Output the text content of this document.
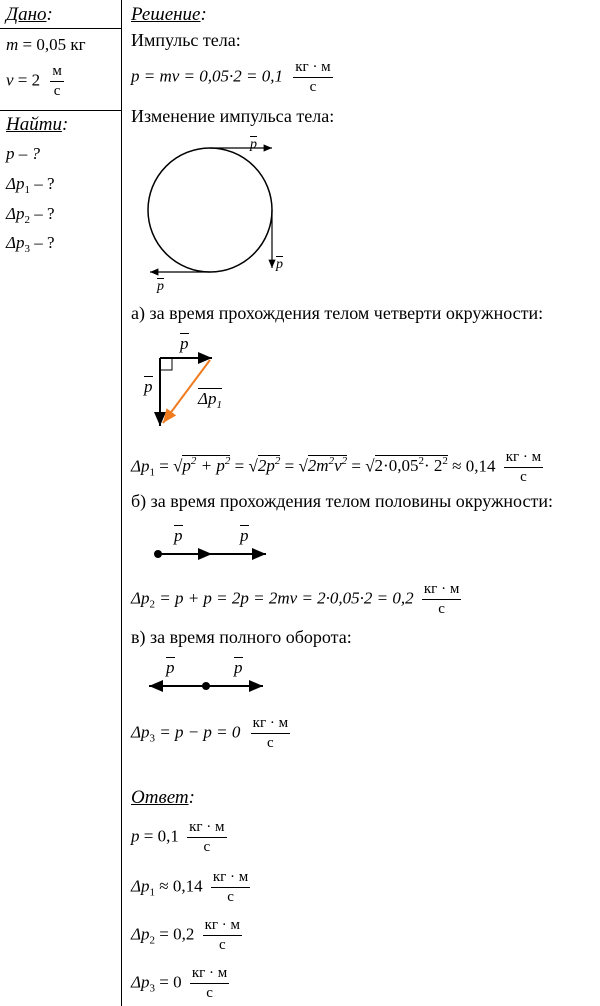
Дано:
m = 0,05 кг
$v = 2 \frac{м}{с}$
Найти:
p – ?
$\Delta p_1$ – ?
$\Delta p_2$ – ?
$\Delta p_3$ – ?
Решение:
Импульс тела:
p = mv = $0,05\cdot 2 = 0,1 \frac{кг \cdot м}{с}$
Изменение импульса тела:
p
p
p
а) за время прохождения телом четверти окружности:
p
p
$\Delta p_1$
$\Delta p_1 = √p^2 + p^2 = √2p^2 = √2m^2v^2 = √2\cdot 0,05^2\cdot 2^2 \approx 0,14 \frac{кг \cdot м}{с}$
б) за время прохождения телом половины окружности:
p	p
$\Delta p_2 = p + p = 2p = 2mv = 2\cdot 0,05\cdot 2 = 0,2 \frac{кг \cdot м}{с}$
в) за время полного оборота:
p	p
$\Delta p_3 = p - p = 0 \frac{кг \cdot м}{с}$
Ответ:
$p = 0,1 \frac{кг \cdot м}{с}$
$\Delta p_1 \approx 0,14 \frac{кг \cdot м}{с}$
$\Delta p_2 = 0,2 \frac{кг \cdot м}{с}$
$\Delta p_3 = 0 \frac{кг \cdot м}{с}$
